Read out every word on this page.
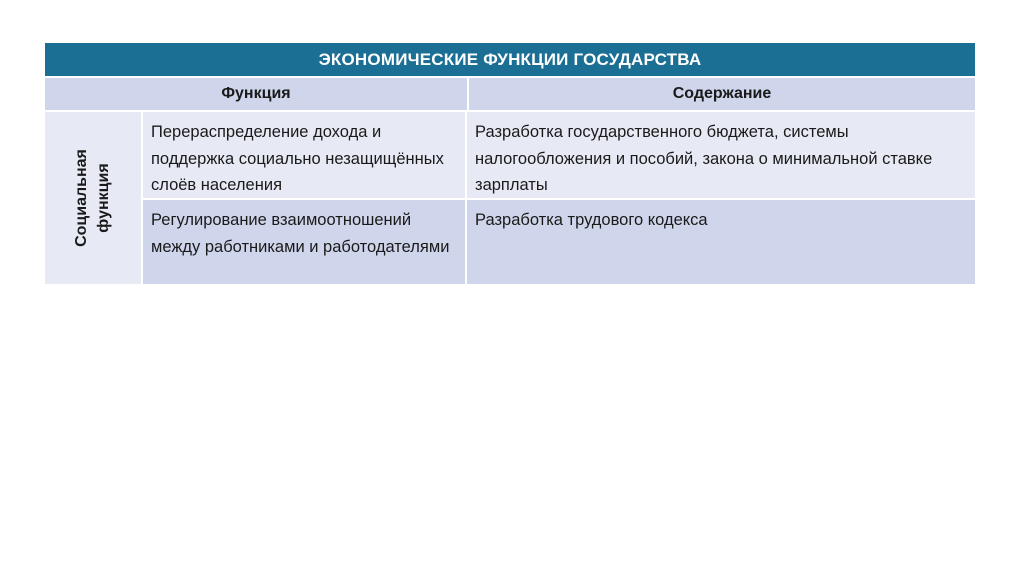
ЭКОНОМИЧЕСКИЕ ФУНКЦИИ ГОСУДАРСТВА
Функция	Содержание
Социальная функция
Перераспределение дохода и поддержка социально незащищённых слоёв населения
Разработка государственного бюджета, системы налогообложения и пособий, закона о минимальной ставке зарплаты
Регулирование взаимоотношений между работниками и работодателями
Разработка трудового кодекса
